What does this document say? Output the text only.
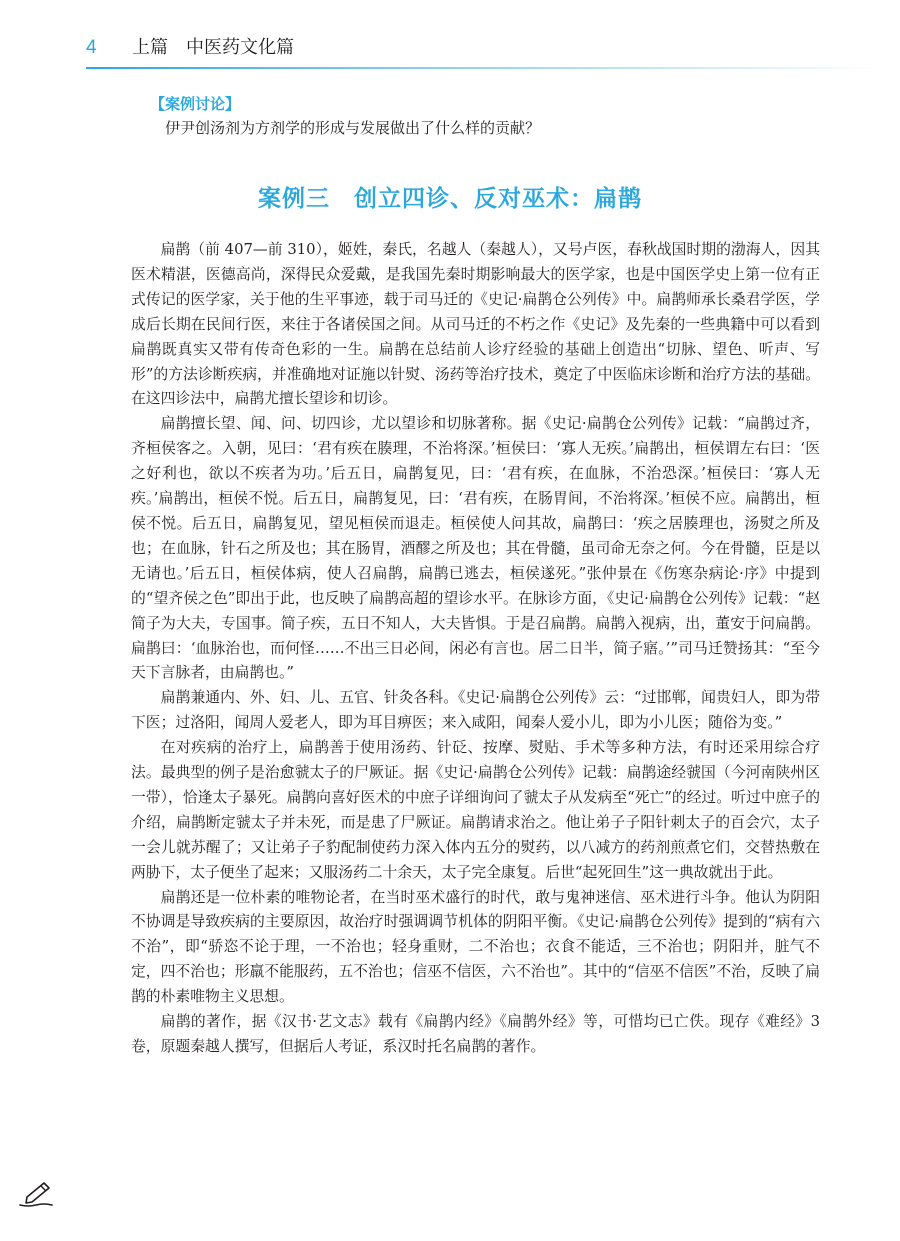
4 上篇　中医药文化篇
【案例讨论】
伊尹创汤剂为方剂学的形成与发展做出了什么样的贡献？
案例三　创立四诊、反对巫术：扁鹊

扁鹊（前 407—前 310），姬姓，秦氏，名越人（秦越人），又号卢医，春秋战国时期的渤海人，因其医术精湛，医德高尚，深得民众爱戴，是我国先秦时期影响最大的医学家，也是中国医学史上第一位有正式传记的医学家，关于他的生平事迹，载于司马迁的《史记·扁鹊仓公列传》中。扁鹊师承长桑君学医，学成后长期在民间行医，来往于各诸侯国之间。从司马迁的不朽之作《史记》及先秦的一些典籍中可以看到扁鹊既真实又带有传奇色彩的一生。扁鹊在总结前人诊疗经验的基础上创造出“切脉、望色、听声、写形”的方法诊断疾病，并准确地对证施以针熨、汤药等治疗技术，奠定了中医临床诊断和治疗方法的基础。在这四诊法中，扁鹊尤擅长望诊和切诊。

扁鹊擅长望、闻、问、切四诊，尤以望诊和切脉著称。据《史记·扁鹊仓公列传》记载：“扁鹊过齐，齐桓侯客之。入朝，见曰：‘君有疾在腠理，不治将深。’桓侯曰：‘寡人无疾。’扁鹊出，桓侯谓左右曰：‘医之好利也，欲以不疾者为功。’后五日，扁鹊复见，曰：‘君有疾，在血脉，不治恐深。’桓侯曰：‘寡人无疾。’扁鹊出，桓侯不悦。后五日，扁鹊复见，曰：‘君有疾，在肠胃间，不治将深。’桓侯不应。扁鹊出，桓侯不悦。后五日，扁鹊复见，望见桓侯而退走。桓侯使人问其故，扁鹊曰：‘疾之居腠理也，汤熨之所及也；在血脉，针石之所及也；其在肠胃，酒醪之所及也；其在骨髓，虽司命无奈之何。今在骨髓，臣是以无请也。’后五日，桓侯体病，使人召扁鹊，扁鹊已逃去，桓侯遂死。”张仲景在《伤寒杂病论·序》中提到的“望齐侯之色”即出于此，也反映了扁鹊高超的望诊水平。在脉诊方面，《史记·扁鹊仓公列传》记载：“赵简子为大夫，专国事。简子疾，五日不知人，大夫皆惧。于是召扁鹊。扁鹊入视病，出，董安于问扁鹊。扁鹊曰：‘血脉治也，而何怪……不出三日必间，闲必有言也。居二日半，简子寤。’”司马迁赞扬其：“至今天下言脉者，由扁鹊也。”

扁鹊兼通内、外、妇、儿、五官、针灸各科。《史记·扁鹊仓公列传》云：“过邯郸，闻贵妇人，即为带下医；过洛阳，闻周人爱老人，即为耳目痹医；来入咸阳，闻秦人爱小儿，即为小儿医；随俗为变。”

在对疾病的治疗上，扁鹊善于使用汤药、针砭、按摩、熨贴、手术等多种方法，有时还采用综合疗法。最典型的例子是治愈虢太子的尸厥证。据《史记·扁鹊仓公列传》记载：扁鹊途经虢国（今河南陕州区一带），恰逢太子暴死。扁鹊向喜好医术的中庶子详细询问了虢太子从发病至“死亡”的经过。听过中庶子的介绍，扁鹊断定虢太子并未死，而是患了尸厥证。扁鹊请求治之。他让弟子子阳针刺太子的百会穴，太子一会儿就苏醒了；又让弟子子豹配制使药力深入体内五分的熨药，以八减方的药剂煎煮它们，交替热敷在两胁下，太子便坐了起来；又服汤药二十余天，太子完全康复。后世“起死回生”这一典故就出于此。

扁鹊还是一位朴素的唯物论者，在当时巫术盛行的时代，敢与鬼神迷信、巫术进行斗争。他认为阴阳不协调是导致疾病的主要原因，故治疗时强调调节机体的阴阳平衡。《史记·扁鹊仓公列传》提到的“病有六不治”，即“骄恣不论于理，一不治也；轻身重财，二不治也；衣食不能适，三不治也；阴阳并，脏气不定，四不治也；形羸不能服药，五不治也；信巫不信医，六不治也”。其中的“信巫不信医”不治，反映了扁鹊的朴素唯物主义思想。

扁鹊的著作，据《汉书·艺文志》载有《扁鹊内经》《扁鹊外经》等，可惜均已亡佚。现存《难经》3 卷，原题秦越人撰写，但据后人考证，系汉时托名扁鹊的著作。
